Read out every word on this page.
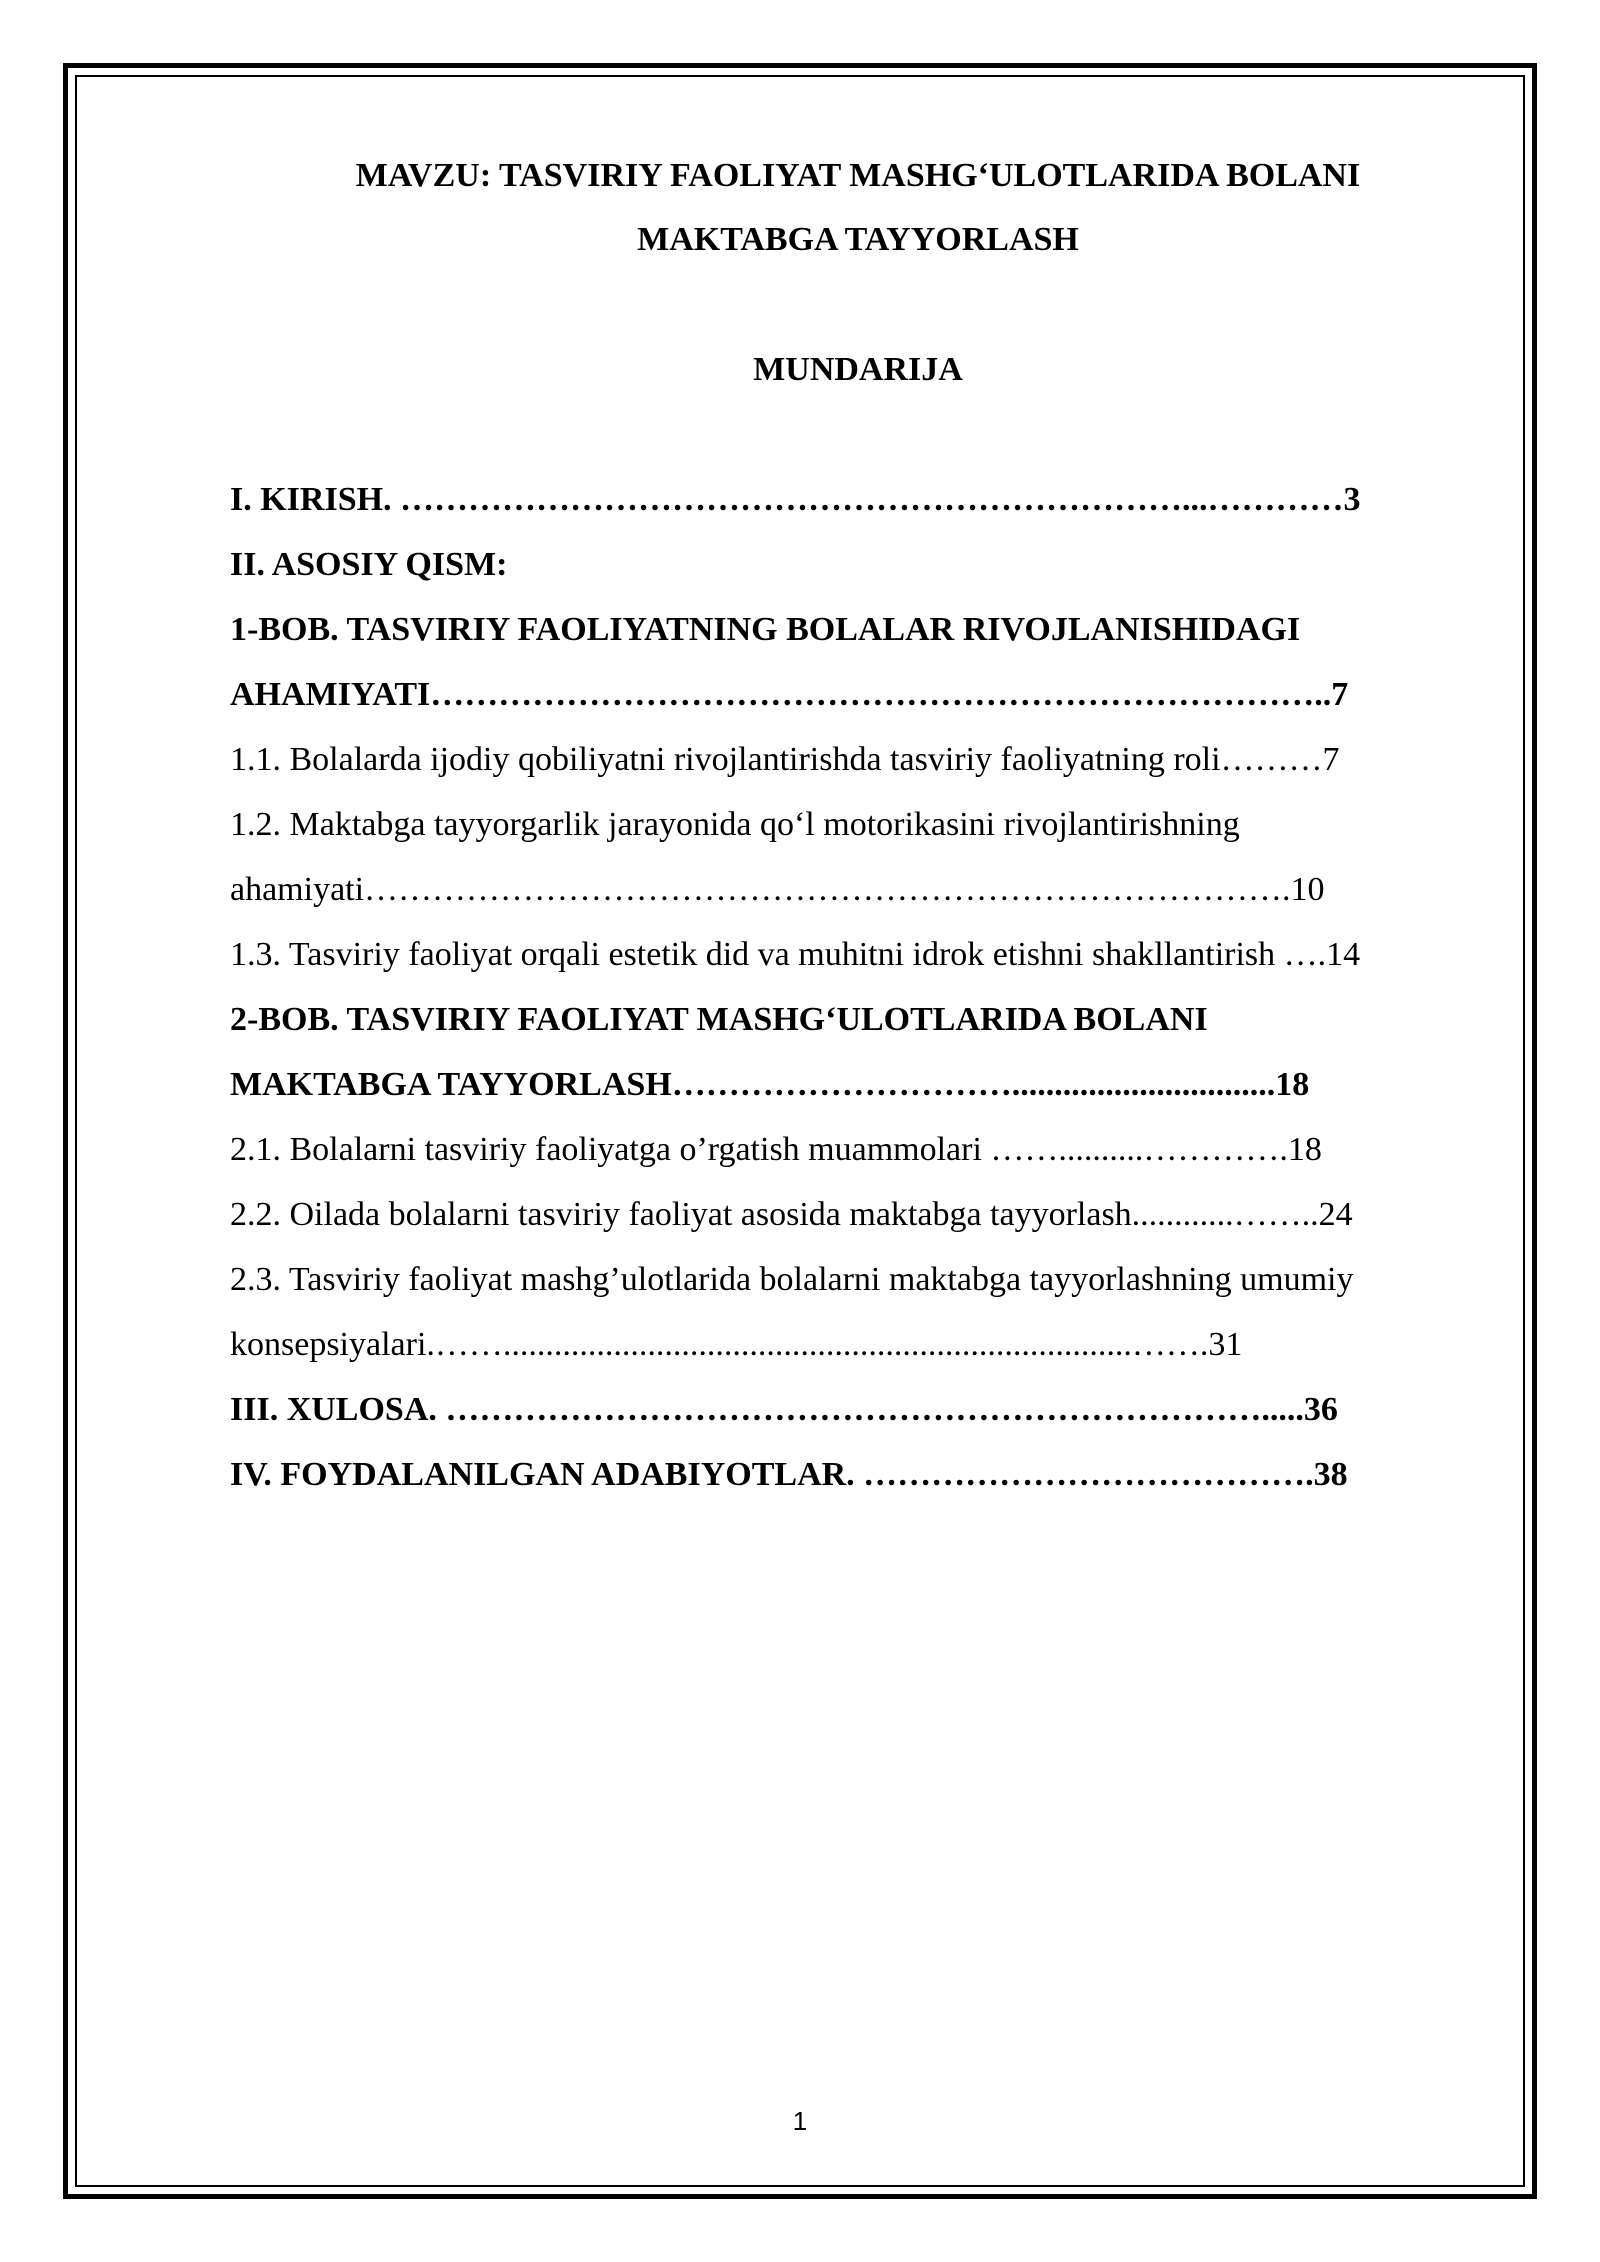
MAVZU: TASVIRIY FAOLIYAT MASHG‘ULOTLARIDA BOLANI
MAKTABGA TAYYORLASH
MUNDARIJA
I. KIRISH. ……………………………………………………………...…………3
II. ASOSIY QISM:
1-BOB. TASVIRIY FAOLIYATNING BOLALAR RIVOJLANISHIDAGI
AHAMIYATI……………………………………………………………………..7
1.1. Bolalarda ijodiy qobiliyatni rivojlantirishda tasviriy faoliyatning roli………7
1.2. Maktabga tayyorgarlik jarayonida qo‘l motorikasini rivojlantirishning
ahamiyati……………………………………………………………………….10
1.3. Tasviriy faoliyat orqali estetik did va muhitni idrok etishni shakllantirish ….14
2-BOB. TASVIRIY FAOLIYAT MASHG‘ULOTLARIDA BOLANI
MAKTABGA TAYYORLASH…………………………...............................18
2.1. Bolalarni tasviriy faoliyatga o’rgatish muammolari ……..........………….18
2.2. Oilada bolalarni tasviriy faoliyat asosida maktabga tayyorlash............……..24
2.3. Tasviriy faoliyat mashg’ulotlarida bolalarni maktabga tayyorlashning umumiy
konsepsiyalari.……..........................................................................…….31
III. XULOSA. ……………………………………………………………….....36
IV. FOYDALANILGAN ADABIYOTLAR. ………………………………….38
1
